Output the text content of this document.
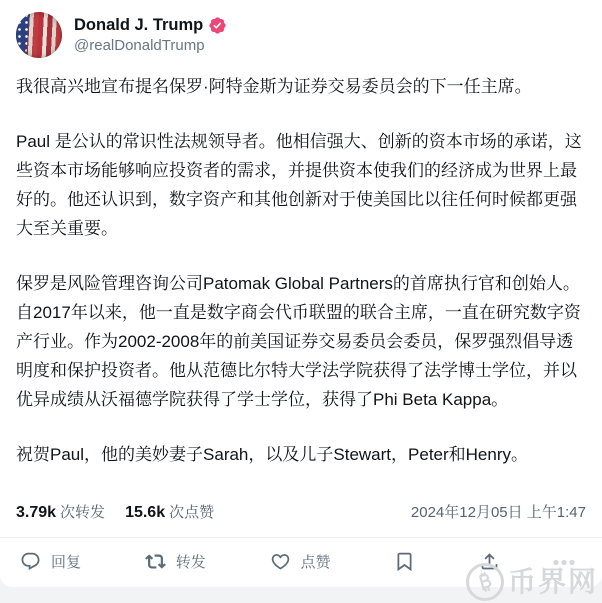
Donald J. Trump
@realDonaldTrump

我很高兴地宣布提名保罗·阿特金斯为证券交易委员会的下一任主席。

Paul 是公认的常识性法规领导者。他相信强大、创新的资本市场的承诺，这些资本市场能够响应投资者的需求，并提供资本使我们的经济成为世界上最好的。他还认识到，数字资产和其他创新对于使美国比以往任何时候都更强大至关重要。

保罗是风险管理咨询公司Patomak Global Partners的首席执行官和创始人。自2017年以来，他一直是数字商会代币联盟的联合主席，一直在研究数字资产行业。作为2002-2008年的前美国证券交易委员会委员，保罗强烈倡导透明度和保护投资者。他从范德比尔特大学法学院获得了法学博士学位，并以优异成绩从沃福德学院获得了学士学位，获得了Phi Beta Kappa。

祝贺Paul，他的美妙妻子Sarah，以及儿子Stewart，Peter和Henry。

3.79k 次转发 15.6k 次点赞	2024年12月05日 上午1:47
回复	转发	点赞
币界网
